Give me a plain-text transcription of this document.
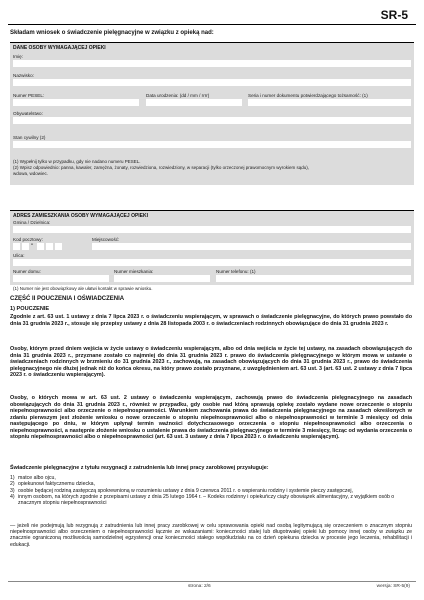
SR-5
Składam wniosek o świadczenie pielęgnacyjne w związku z opieką nad:
DANE OSOBY WYMAGAJĄCEJ OPIEKI
Imię:
Nazwisko:
Numer PESEL:	Data urodzenia: (dd / mm / rrrr)	Seria i numer dokumentu potwierdzającego tożsamość: (1)
Obywatelstwo:
Stan cywilny (2)
(1) Wypełnij tylko w przypadku, gdy nie nadano numeru PESEL.
(2) Wpisz odpowiednio: panna, kawaler, zamężna, żonaty, rozwiedziona, rozwiedziony, w separacji (tylko orzeczonej prawomocnym wyrokiem sądu),
wdowa, wdowiec.
ADRES ZAMIESZKANIA OSOBY WYMAGAJĄCEJ OPIEKI
Gmina / Dzielnica:
Kod pocztowy:	Miejscowość:
-
Ulica:
Numer domu:	Numer mieszkania:	Numer telefonu: (1)
(1) Numer nie jest obowiązkowy ale ułatwi kontakt w sprawie wniosku.
CZĘŚĆ II POUCZENIA I OŚWIADCZENIA
1) POUCZENIE
Zgodnie z art. 63 ust. 1 ustawy z dnia 7 lipca 2023 r. o świadczeniu wspierającym, w sprawach o świadczenie pielęgnacyjne, do których prawo powstało do dnia 31 grudnia 2023 r., stosuje się przepisy ustawy z dnia 28 listopada 2003 r. o świadczeniach rodzinnych obowiązujące do dnia 31 grudnia 2023 r.
Osoby, którym przed dniem wejścia w życie ustawy o świadczeniu wspierającym, albo od dnia wejścia w życie tej ustawy, na zasadach obowiązujących do dnia 31 grudnia 2023 r., przyznane zostało co najmniej do dnia 31 grudnia 2023 r. prawo do świadczenia pielęgnacyjnego w którym mowa w ustawie o świadczeniach rodzinnych w brzmieniu do 31 grudnia 2023 r., zachowują, na zasadach obowiązujących do dnia 31 grudnia 2023 r., prawo do świadczenia pielęgnacyjnego nie dłużej jednak niż do końca okresu, na który prawo zostało przyznane, z uwzględnieniem art. 63 ust. 3 (art. 63 ust. 2 ustawy z dnia 7 lipca 2023 r. o świadczeniu wspierającym).
Osoby, o których mowa w art. 63 ust. 2 ustawy o świadczeniu wspierającym, zachowują prawo do świadczenia pielęgnacyjnego na zasadach obowiązujących do dnia 31 grudnia 2023 r., również w przypadku, gdy osobie nad którą sprawują opiekę zostało wydane nowe orzeczenie o stopniu niepełnosprawności albo orzeczenie o niepełnosprawności. Warunkiem zachowania prawa do świadczenia pielęgnacyjnego na zasadach określonych w zdaniu pierwszym jest złożenie wniosku o nowe orzeczenie o stopniu niepełnosprawności albo o niepełnosprawności w terminie 3 miesięcy od dnia następującego po dniu, w którym upłynął termin ważności dotychczasowego orzeczenia o stopniu niepełnosprawności albo orzeczenia o niepełnosprawności, a następnie złożenie wniosku o ustalenie prawa do świadczenia pielęgnacyjnego w terminie 3 miesięcy, licząc od wydania orzeczenia o stopniu niepełnosprawności albo o niepełnosprawności (art. 63 ust. 3 ustawy z dnia 7 lipca 2023 r. o świadczeniu wspierającym).
Świadczenie pielęgnacyjne z tytułu rezygnacji z zatrudnienia lub innej pracy zarobkowej przysługuje:
1) matce albo ojcu,
2) opiekunowi faktycznemu dziecka,
3) osobie będącej rodziną zastępczą spokrewnioną w rozumieniu ustawy z dnia 9 czerwca 2011 r. o wspieraniu rodziny i systemie pieczy zastępczej,
4) innym osobom, na których zgodnie z przepisami ustawy z dnia 25 lutego 1964 r. – Kodeks rodzinny i opiekuńczy ciąży obowiązek alimentacyjny, z wyjątkiem osób o znacznym stopniu niepełnosprawności
— jeżeli nie podejmują lub rezygnują z zatrudnienia lub innej pracy zarobkowej w celu sprawowania opieki nad osobą legitymującą się orzeczeniem o znacznym stopniu niepełnosprawności albo orzeczeniem o niepełnosprawności łącznie ze wskazaniami: konieczności stałej lub długotrwałej opieki lub pomocy innej osoby w związku ze znacznie ograniczoną możliwością samodzielnej egzystencji oraz konieczności stałego współudziału na co dzień opiekuna dziecka w procesie jego leczenia, rehabilitacji i edukacji.
strona: 2/6	wersja: SR-5(9)
